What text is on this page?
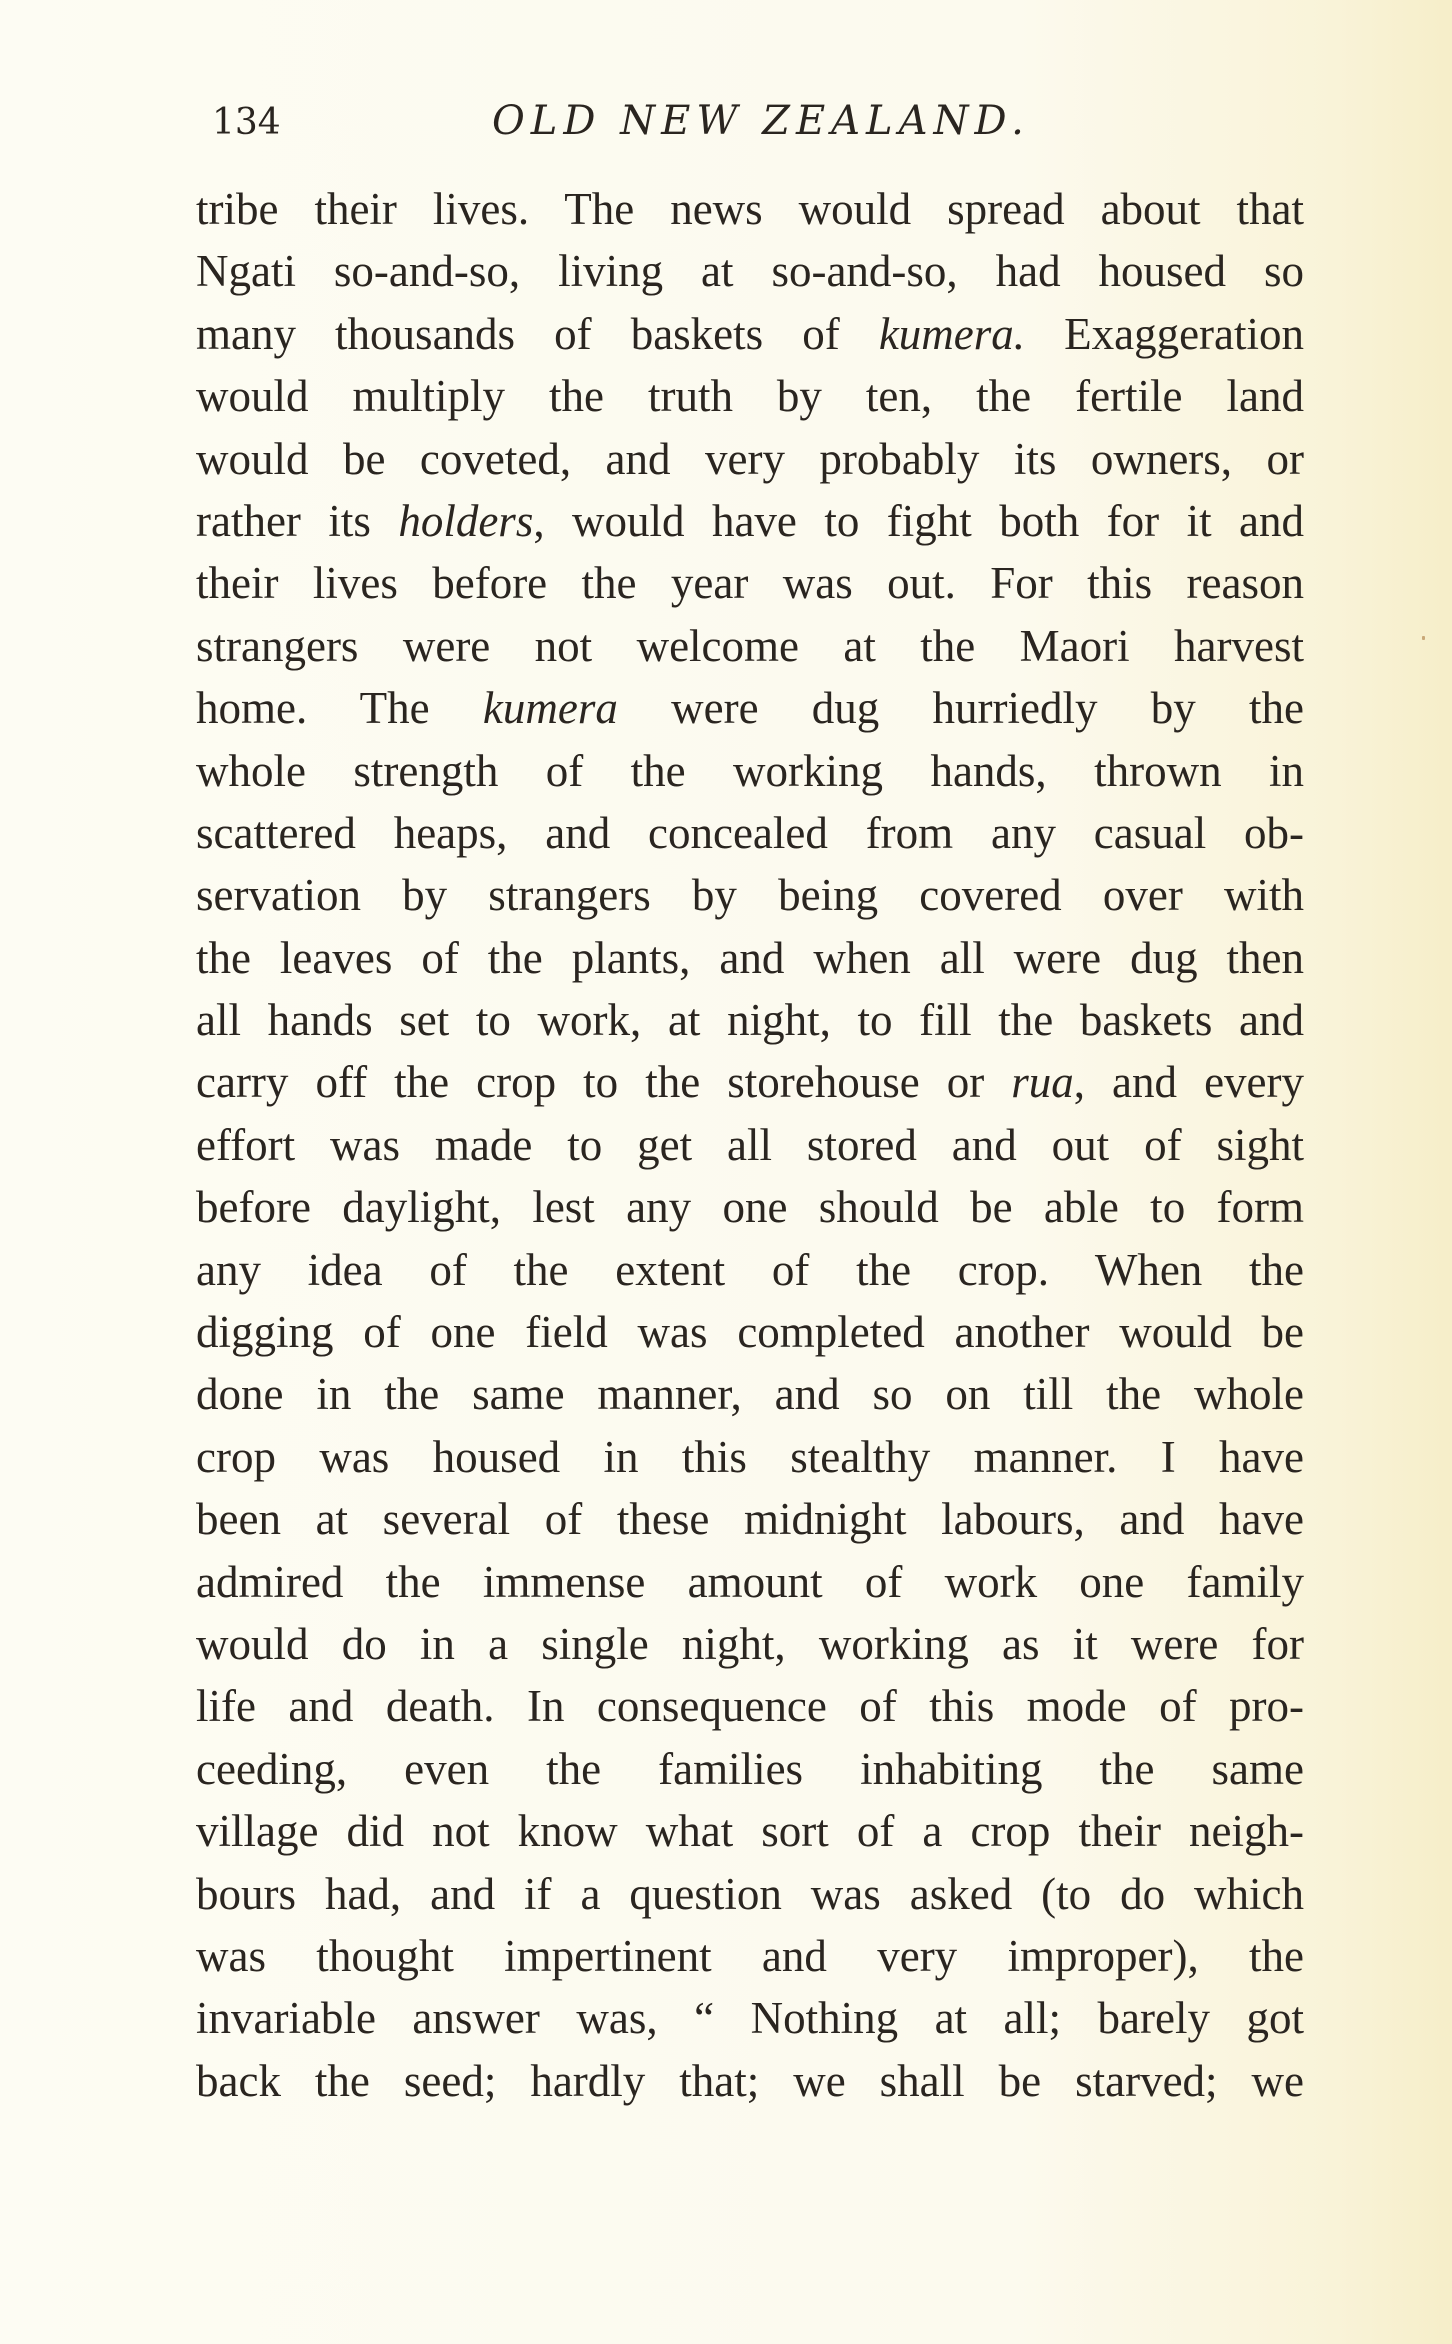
134	OLD NEW ZEALAND.
tribe their lives. The news would spread about that
Ngati so-and-so, living at so-and-so, had housed so
many thousands of baskets of kumera. Exaggeration
would multiply the truth by ten, the fertile land
would be coveted, and very probably its owners, or
rather its holders, would have to fight both for it and
their lives before the year was out. For this reason
strangers were not welcome at the Maori harvest
home. The kumera were dug hurriedly by the
whole strength of the working hands, thrown in
scattered heaps, and concealed from any casual ob-
servation by strangers by being covered over with
the leaves of the plants, and when all were dug then
all hands set to work, at night, to fill the baskets and
carry off the crop to the storehouse or rua, and every
effort was made to get all stored and out of sight
before daylight, lest any one should be able to form
any idea of the extent of the crop. When the
digging of one field was completed another would be
done in the same manner, and so on till the whole
crop was housed in this stealthy manner. I have
been at several of these midnight labours, and have
admired the immense amount of work one family
would do in a single night, working as it were for
life and death. In consequence of this mode of pro-
ceeding, even the families inhabiting the same
village did not know what sort of a crop their neigh-
bours had, and if a question was asked (to do which
was thought impertinent and very improper), the
invariable answer was, “ Nothing at all; barely got
back the seed; hardly that; we shall be starved; we
